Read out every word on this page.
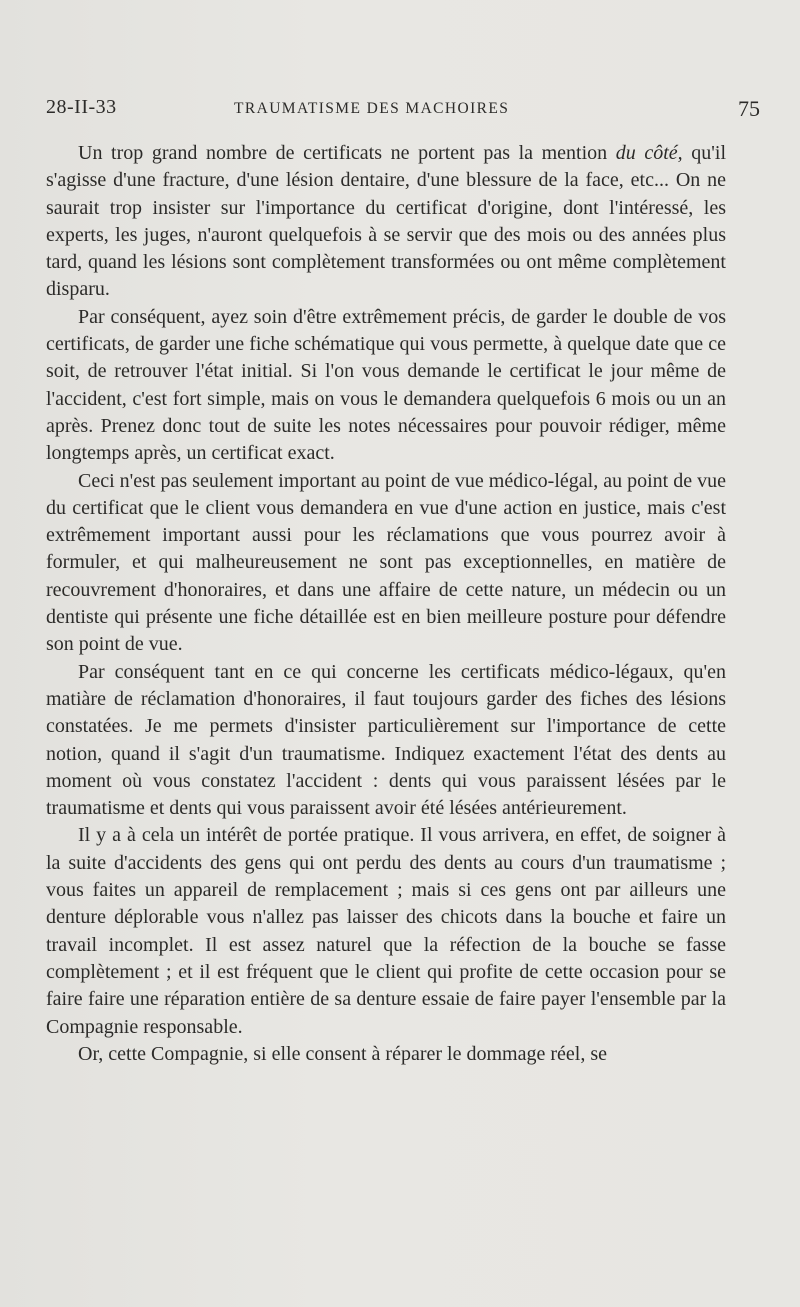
28-II-33	TRAUMATISME DES MACHOIRES	75

Un trop grand nombre de certificats ne portent pas la mention du côté, qu'il s'agisse d'une fracture, d'une lésion dentaire, d'une blessure de la face, etc... On ne saurait trop insister sur l'importance du certificat d'origine, dont l'intéressé, les experts, les juges, n'auront quelquefois à se servir que des mois ou des années plus tard, quand les lésions sont complètement transformées ou ont même complètement disparu.

Par conséquent, ayez soin d'être extrêmement précis, de garder le double de vos certificats, de garder une fiche schématique qui vous permette, à quelque date que ce soit, de retrouver l'état initial. Si l'on vous demande le certificat le jour même de l'accident, c'est fort simple, mais on vous le demandera quelquefois 6 mois ou un an après. Prenez donc tout de suite les notes nécessaires pour pouvoir rédiger, même longtemps après, un certificat exact.

Ceci n'est pas seulement important au point de vue médico-légal, au point de vue du certificat que le client vous demandera en vue d'une action en justice, mais c'est extrêmement important aussi pour les réclamations que vous pourrez avoir à formuler, et qui malheureusement ne sont pas exceptionnelles, en matière de recouvrement d'honoraires, et dans une affaire de cette nature, un médecin ou un dentiste qui présente une fiche détaillée est en bien meilleure posture pour défendre son point de vue.

Par conséquent tant en ce qui concerne les certificats médico-légaux, qu'en matiàre de réclamation d'honoraires, il faut toujours garder des fiches des lésions constatées. Je me permets d'insister particulièrement sur l'importance de cette notion, quand il s'agit d'un traumatisme. Indiquez exactement l'état des dents au moment où vous constatez l'accident : dents qui vous paraissent lésées par le traumatisme et dents qui vous paraissent avoir été lésées antérieurement.

Il y a à cela un intérêt de portée pratique. Il vous arrivera, en effet, de soigner à la suite d'accidents des gens qui ont perdu des dents au cours d'un traumatisme ; vous faites un appareil de remplacement ; mais si ces gens ont par ailleurs une denture déplorable vous n'allez pas laisser des chicots dans la bouche et faire un travail incomplet. Il est assez naturel que la réfection de la bouche se fasse complètement ; et il est fréquent que le client qui profite de cette occasion pour se faire faire une réparation entière de sa denture essaie de faire payer l'ensemble par la Compagnie responsable.

Or, cette Compagnie, si elle consent à réparer le dommage réel, se
